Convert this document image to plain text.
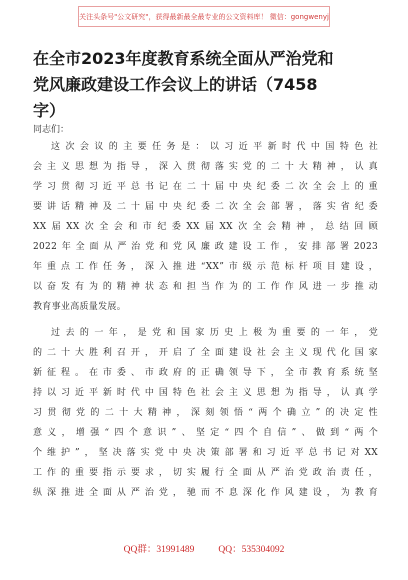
关注头条号"公文研究"，获得最新最全最专业的公文资料库！ 微信：gongwenyj
在全市2023年度教育系统全面从严治党和
党风廉政建设工作会议上的讲话（7458
字）
同志们：

这次会议的主要任务是：以习近平新时代中国特色社
会主义思想为指导，深入贯彻落实党的二十大精神，认真
学习贯彻习近平总书记在二十届中央纪委二次全会上的重
要讲话精神及二十届中央纪委二次全会部署，落实省纪委
XX届XX次全会和市纪委XX届XX次全会精神，总结回顾
2022年全面从严治党和党风廉政建设工作，安排部署2023
年重点工作任务，深入推进“XX”市级示范标杆项目建设，
以奋发有为的精神状态和担当作为的工作作风进一步推动
教育事业高质量发展。

过去的一年，是党和国家历史上极为重要的一年，党
的二十大胜利召开，开启了全面建设社会主义现代化国家
新征程。在市委、市政府的正确领导下，全市教育系统坚
持以习近平新时代中国特色社会主义思想为指导，认真学
习贯彻党的二十大精神，深刻领悟“两个确立”的决定性
意义，增强“四个意识”、坚定“四个自信”、做到“两个
个维护”，坚决落实党中央决策部署和习近平总书记对XX
工作的重要指示要求，切实履行全面从严治党政治责任，
纵深推进全面从严治党，驰而不息深化作风建设，为教育

QQ群：31991489	QQ：535304092
